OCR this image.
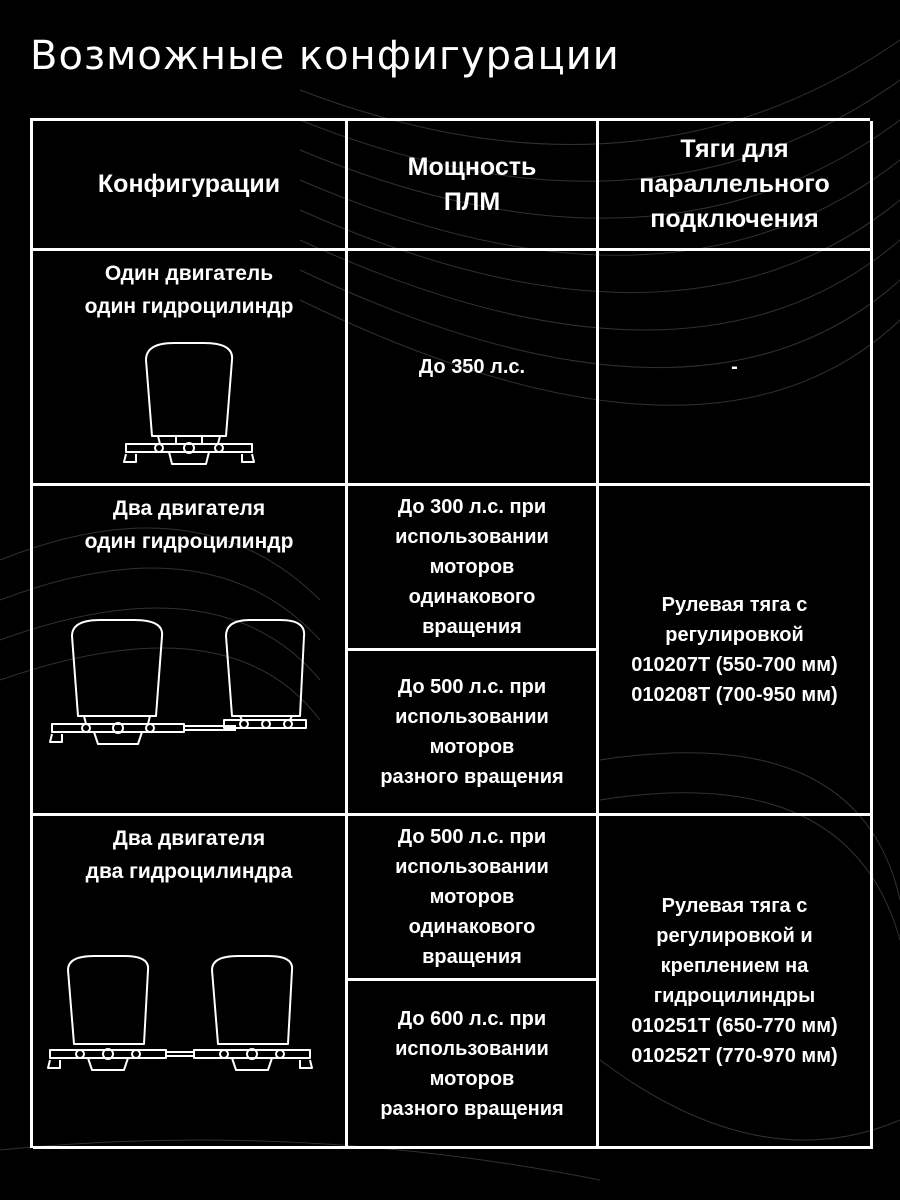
Возможные конфигурации
Конфигурации
Мощность
ПЛМ
Тяги для
параллельного
подключения
Один двигатель
один гидроцилиндр
До 350 л.с.	-
Два двигателя
один гидроцилиндр
До 300 л.с. при
использовании
моторов
одинакового
вращения
До 500 л.с. при
использовании
моторов
разного вращения
Рулевая тяга с
регулировкой
010207Т (550-700 мм)
010208Т (700-950 мм)
Два двигателя
два гидроцилиндра
До 500 л.с. при
использовании
моторов
одинакового
вращения
До 600 л.с. при
использовании
моторов
разного вращения
Рулевая тяга с
регулировкой и
креплением на
гидроцилиндры
010251Т (650-770 мм)
010252Т (770-970 мм)
